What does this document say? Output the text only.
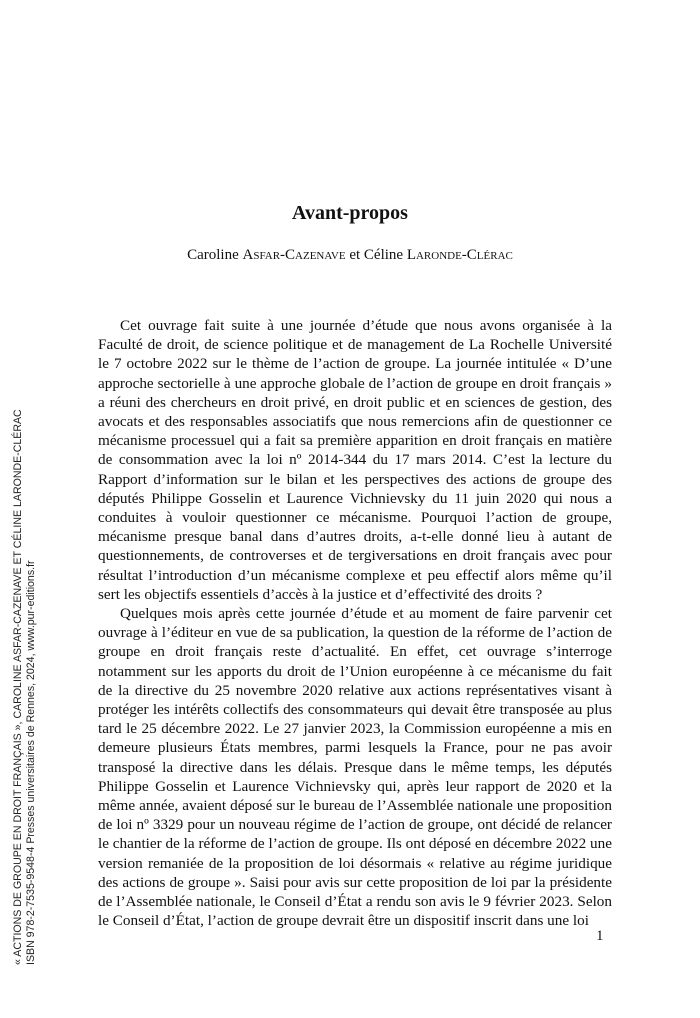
« ACTIONS DE GROUPE EN DROIT FRANÇAIS », CAROLINE ASFAR-CAZENAVE ET CÉLINE LARONDE-CLÉRAC ISBN 978-2-7535-9548-4 Presses universitaires de Rennes, 2024, www.pur-editions.fr
Avant-propos
Caroline Asfar-Cazenave et Céline Laronde-Clérac

Cet ouvrage fait suite à une journée d’étude que nous avons organisée à la Faculté de droit, de science politique et de management de La Rochelle Université le 7 octobre 2022 sur le thème de l’action de groupe. La journée intitulée « D’une approche sectorielle à une approche globale de l’action de groupe en droit français » a réuni des chercheurs en droit privé, en droit public et en sciences de gestion, des avocats et des responsables associatifs que nous remercions afin de questionner ce mécanisme processuel qui a fait sa première apparition en droit français en matière de consommation avec la loi nº 2014-344 du 17 mars 2014. C’est la lecture du Rapport d’information sur le bilan et les perspectives des actions de groupe des députés Philippe Gosselin et Laurence Vichnievsky du 11 juin 2020 qui nous a conduites à vouloir questionner ce mécanisme. Pourquoi l’action de groupe, mécanisme presque banal dans d’autres droits, a-t-elle donné lieu à autant de questionnements, de controverses et de tergiversations en droit français avec pour résultat l’introduction d’un mécanisme complexe et peu effectif alors même qu’il sert les objectifs essentiels d’accès à la justice et d’effectivité des droits ?

Quelques mois après cette journée d’étude et au moment de faire parvenir cet ouvrage à l’éditeur en vue de sa publication, la question de la réforme de l’action de groupe en droit français reste d’actualité. En effet, cet ouvrage s’interroge notamment sur les apports du droit de l’Union européenne à ce mécanisme du fait de la directive du 25 novembre 2020 relative aux actions représentatives visant à protéger les intérêts collectifs des consommateurs qui devait être transposée au plus tard le 25 décembre 2022. Le 27 janvier 2023, la Commission européenne a mis en demeure plusieurs États membres, parmi lesquels la France, pour ne pas avoir transposé la directive dans les délais. Presque dans le même temps, les députés Philippe Gosselin et Laurence Vichnievsky qui, après leur rapport de 2020 et la même année, avaient déposé sur le bureau de l’Assemblée nationale une proposition de loi nº 3329 pour un nouveau régime de l’action de groupe, ont décidé de relancer le chantier de la réforme de l’action de groupe. Ils ont déposé en décembre 2022 une version remaniée de la proposition de loi désormais « relative au régime juridique des actions de groupe ». Saisi pour avis sur cette proposition de loi par la présidente de l’Assemblée nationale, le Conseil d’État a rendu son avis le 9 février 2023. Selon le Conseil d’État, l’action de groupe devrait être un dispositif inscrit dans une loi

1
